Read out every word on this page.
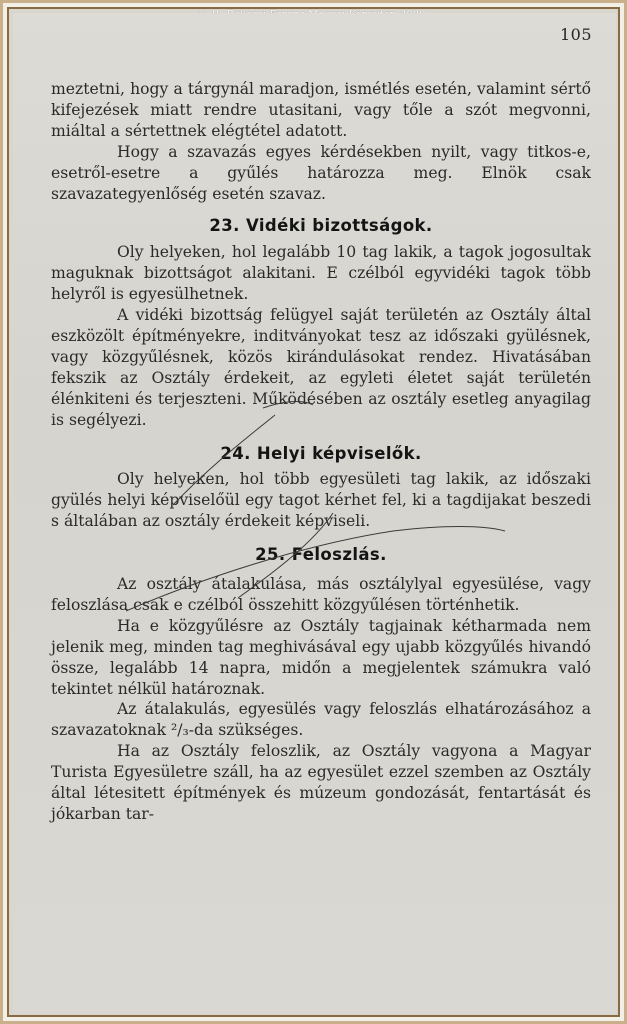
105

meztetni, hogy a tárgynál maradjon, ismétlés esetén, valamint sértő kifejezések miatt rendre utasitani, vagy tőle a szót megvonni, miáltal a sértettnek elégtétel adatott.

Hogy a szavazás egyes kérdésekben nyilt, vagy titkos-e, esetről-esetre a gyűlés határozza meg. Elnök csak szavazategyenlőség esetén szavaz.

23. Vidéki bizottságok.

Oly helyeken, hol legalább 10 tag lakik, a tagok jogosultak maguknak bizottságot alakitani. E czélból egyvidéki tagok több helyről is egyesülhetnek.

A vidéki bizottság felügyel saját területén az Osztály által eszközölt építményekre, inditványokat tesz az időszaki gyülésnek, vagy közgyűlésnek, közös kirándulásokat rendez. Hivatásában fekszik az Osztály érdekeit, az egyleti életet saját területén élénkiteni és terjeszteni. Működésében az osztály esetleg anyagilag is segélyezi.

24. Helyi képviselők.

Oly helyeken, hol több egyesületi tag lakik, az időszaki gyülés helyi képviselőül egy tagot kérhet fel, ki a tagdijakat beszedi s általában az osztály érdekeit képviseli.

25. Feloszlás.

Az osztály átalakulása, más osztálylyal egyesülése, vagy feloszlása csak e czélból összehitt közgyűlésen történhetik.

Ha e közgyűlésre az Osztály tagjainak kétharmada nem jelenik meg, minden tag meghivásával egy ujabb közgyűlés hivandó össze, legalább 14 napra, midőn a megjelentek számukra való tekintet nélkül határoznak.

Az átalakulás, egyesülés vagy feloszlás elhatározásához a szavazatoknak ²/₃-da szükséges.

Ha az Osztály feloszlik, az Osztály vagyona a Magyar Turista Egyesületre száll, ha az egyesület ezzel szemben az Osztály által létesitett építmények és múzeum gondozását, fentartását és jókarban tar-
